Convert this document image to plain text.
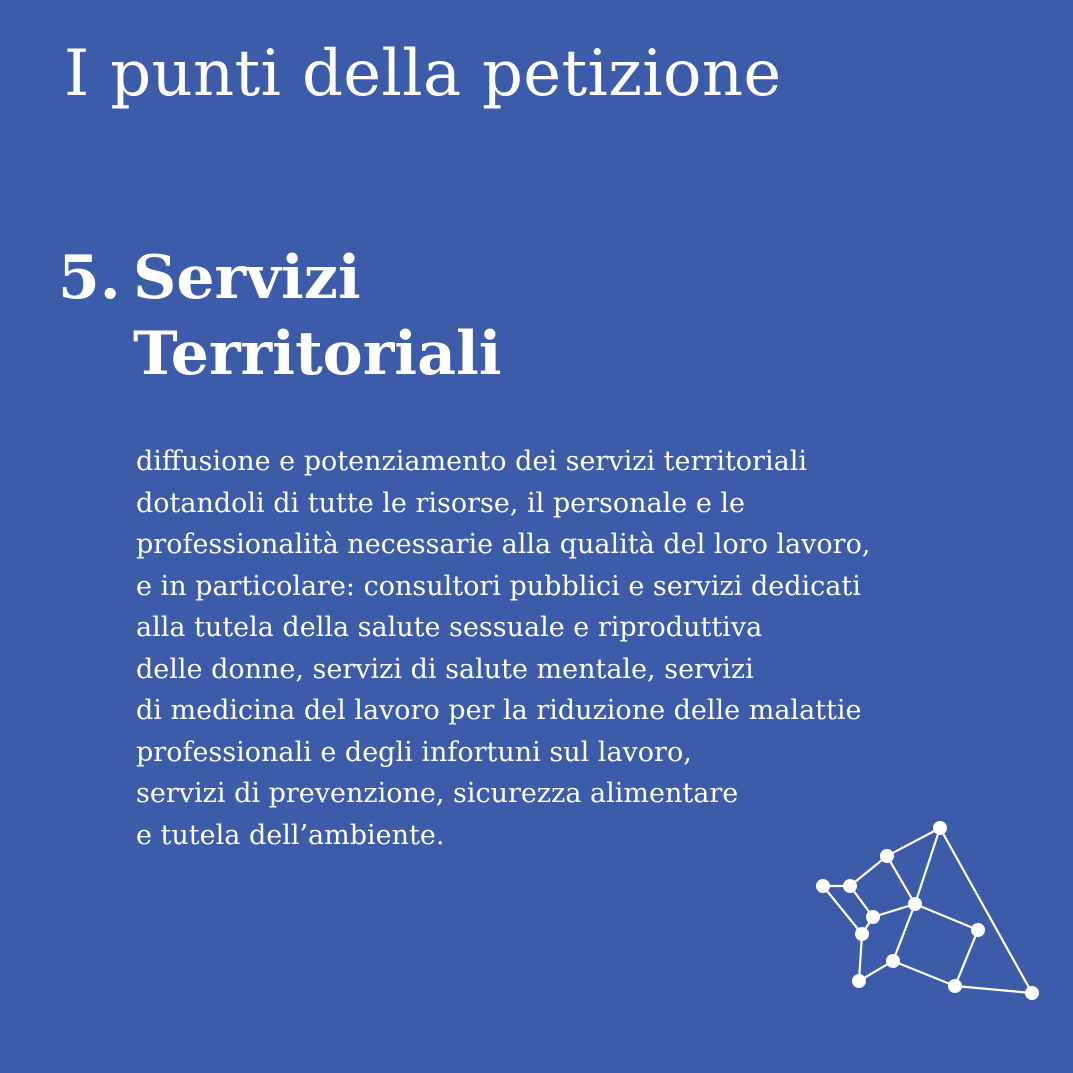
I punti della petizione
5. Servizi
Territoriali
diffusione e potenziamento dei servizi territoriali
dotandoli di tutte le risorse, il personale e le
professionalità necessarie alla qualità del loro lavoro,
e in particolare: consultori pubblici e servizi dedicati
alla tutela della salute sessuale e riproduttiva
delle donne, servizi di salute mentale, servizi
di medicina del lavoro per la riduzione delle malattie
professionali e degli infortuni sul lavoro,
servizi di prevenzione, sicurezza alimentare
e tutela dell’ambiente.
